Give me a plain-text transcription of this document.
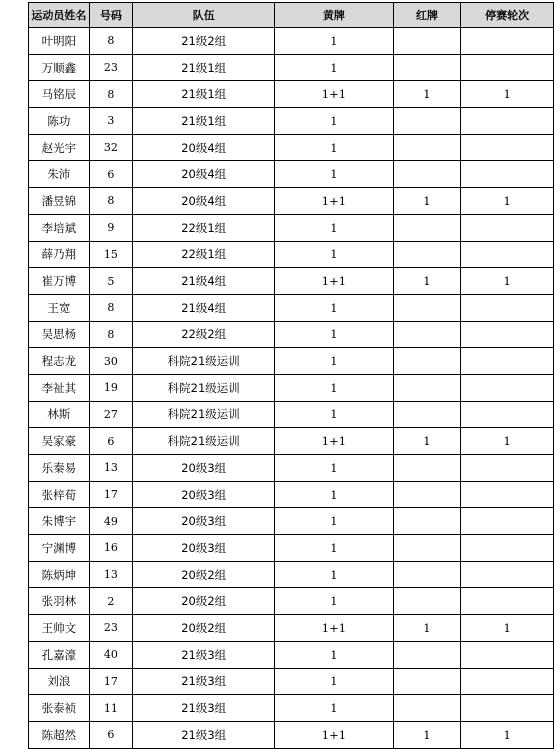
运动员姓名	号码	队伍	黄牌	红牌	停赛轮次
叶明阳	8	21级2组	1		
万顺鑫	23	21级1组	1		
马铭辰	8	21级1组	1+1	1	1
陈功	3	21级1组	1		
赵光宇	32	20级4组	1		
朱沛	6	20级4组	1		
潘昱锦	8	20级4组	1+1	1	1
李培斌	9	22级1组	1		
薛乃翔	15	22级1组	1		
崔万博	5	21级4组	1+1	1	1
王宽	8	21级4组	1		
吴思杨	8	22级2组	1		
程志龙	30	科院21级运训	1		
李祉其	19	科院21级运训	1		
林斯	27	科院21级运训	1		
吴家豪	6	科院21级运训	1+1	1	1
乐秦易	13	20级3组	1		
张梓荀	17	20级3组	1		
朱博宇	49	20级3组	1		
宁渊博	16	20级3组	1		
陈炳坤	13	20级2组	1		
张羽林	2	20级2组	1		
王帅文	23	20级2组	1+1	1	1
孔嘉濠	40	21级3组	1		
刘浪	17	21级3组	1		
张泰祯	11	21级3组	1		
陈超然	6	21级3组	1+1	1	1
